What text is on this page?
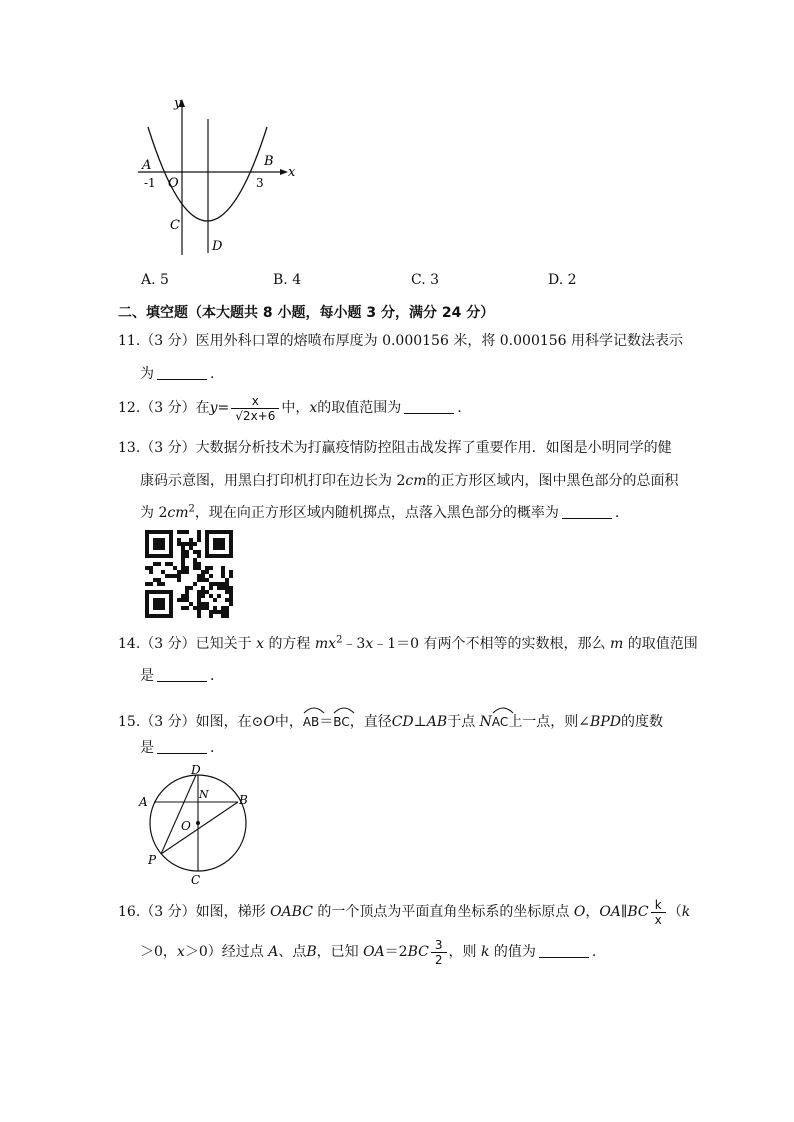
y
x
A
-1 O
B
3
C
D
A. 5	B. 4	C. 3	D. 2
二、填空题（本大题共 8 小题，每小题 3 分，满分 24 分）
11.（3 分）医用外科口罩的熔喷布厚度为 0.000156 米，将 0.000156 用科学记数法表示
为	.
12.（3 分）在$y= \frac{x}{√2x+6}$ 中，x的取值范围为	.
13.（3 分）大数据分析技术为打赢疫情防控阻击战发挥了重要作用．如图是小明同学的健
康码示意图，用黑白打印机打印在边长为 2cm的正方形区域内，图中黑色部分的总面积
为 $2cm^2$，现在向正方形区域内随机掷点，点落入黑色部分的概率为	.
14.（3 分）已知关于 x 的方程 $mx^2﹣3x﹣1=0$ 有两个不相等的实数根，那么 m 的取值范围
是	.
15.（3 分）如图，在⊙O中，
AB＝
BC，直径CD⊥AB于点 N
AC上一点，则∠BPD的度数
是	.
D
N
A	B
O
P
C
16.（3 分）如图，梯形 OABC 的一个顶点为平面直角坐标系的坐标原点 O，OA∥BC $\frac{k}{x} (k$
＞0，x＞0）经过点 A、点B，已知 $OA=2BC \frac{3}{2}$ ，则 k 的值为	.
